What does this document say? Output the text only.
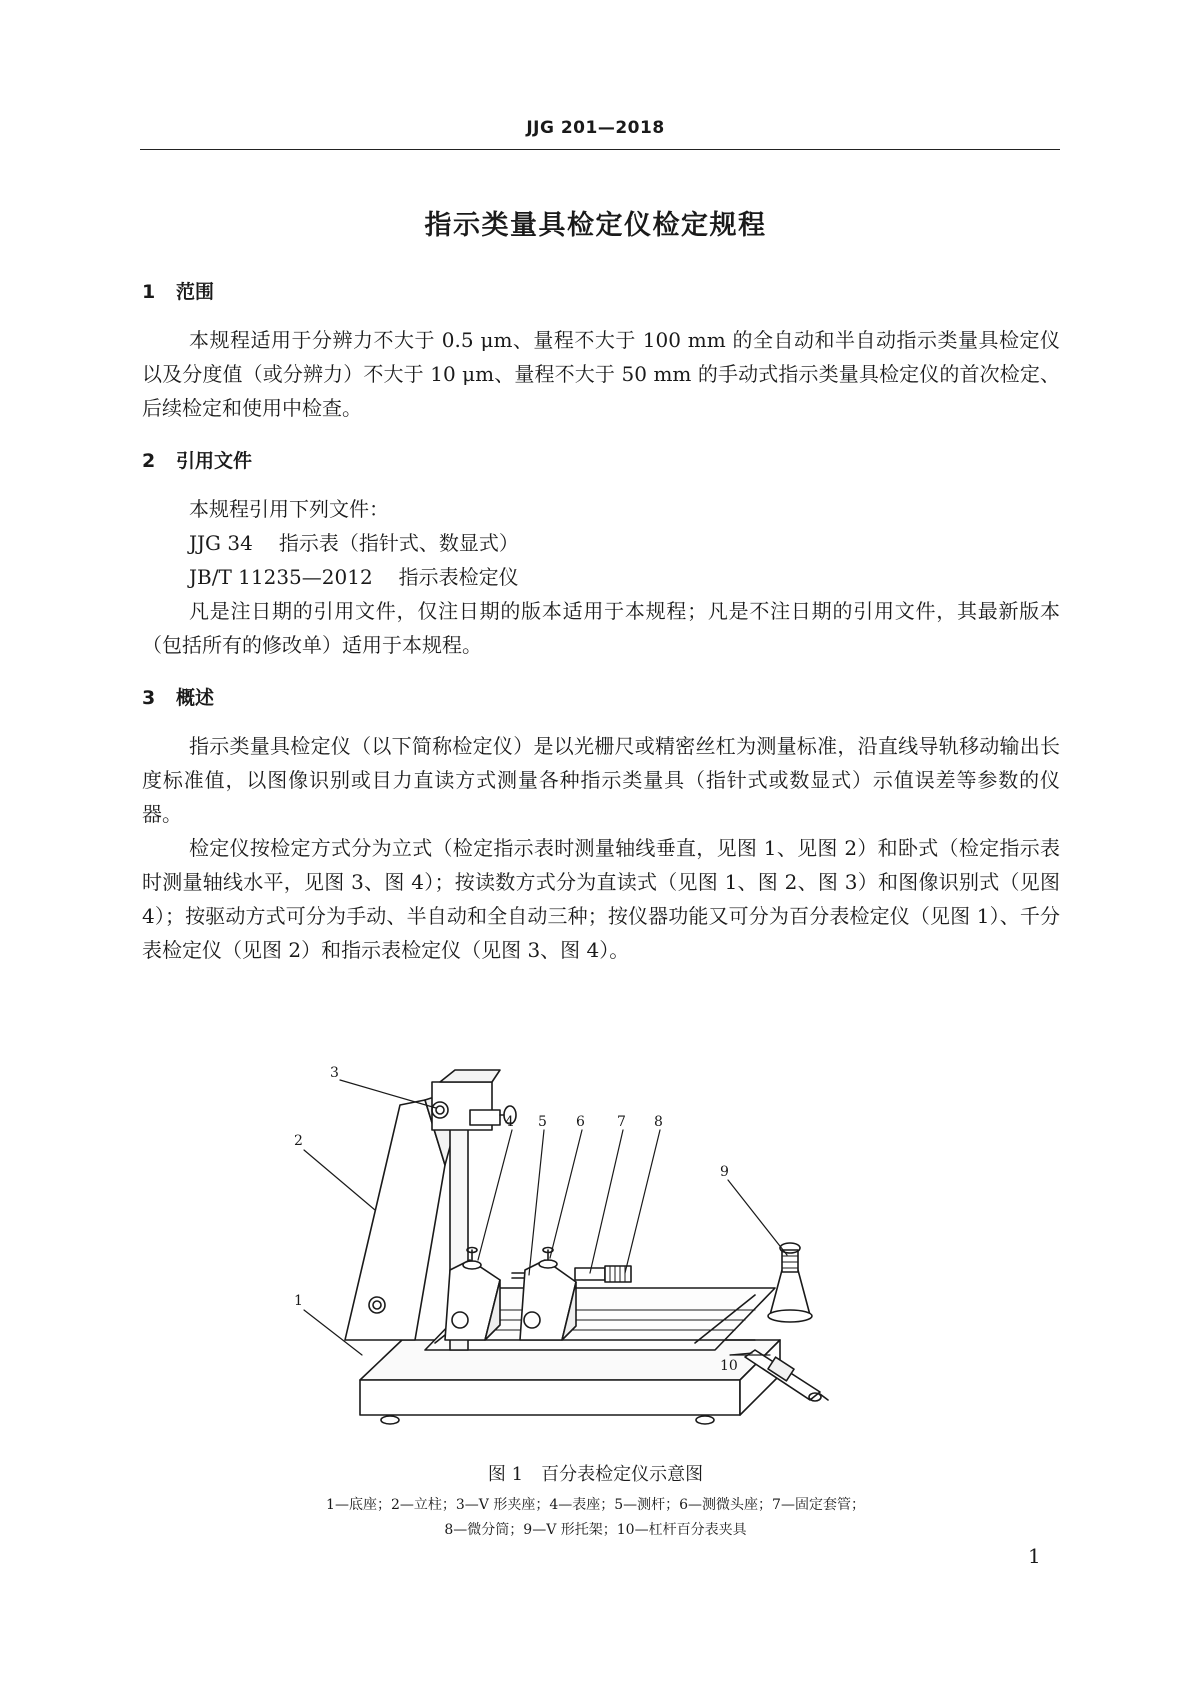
JJG 201—2018
指示类量具检定仪检定规程
1 范围
本规程适用于分辨力不大于 0.5 μm、量程不大于 100 mm 的全自动和半自动指示类量具检定仪以及分度值（或分辨力）不大于 10 μm、量程不大于 50 mm 的手动式指示类量具检定仪的首次检定、后续检定和使用中检查。
2 引用文件
本规程引用下列文件：
JJG 34 指示表（指针式、数显式）
JB/T 11235—2012 指示表检定仪
凡是注日期的引用文件，仅注日期的版本适用于本规程；凡是不注日期的引用文件，其最新版本（包括所有的修改单）适用于本规程。
3 概述
指示类量具检定仪（以下简称检定仪）是以光栅尺或精密丝杠为测量标准，沿直线导轨移动输出长度标准值，以图像识别或目力直读方式测量各种指示类量具（指针式或数显式）示值误差等参数的仪器。
检定仪按检定方式分为立式（检定指示表时测量轴线垂直，见图 1、见图 2）和卧式（检定指示表时测量轴线水平，见图 3、图 4）；按读数方式分为直读式（见图 1、图 2、图 3）和图像识别式（见图 4）；按驱动方式可分为手动、半自动和全自动三种；按仪器功能又可分为百分表检定仪（见图 1）、千分表检定仪（见图 2）和指示表检定仪（见图 3、图 4）。
3
2
1
4 5 6 7 8
9
10
图 1　百分表检定仪示意图
1—底座；2—立柱；3—V 形夹座；4—表座；5—测杆；6—测微头座；7—固定套管；
8—微分筒；9—V 形托架；10—杠杆百分表夹具
1
